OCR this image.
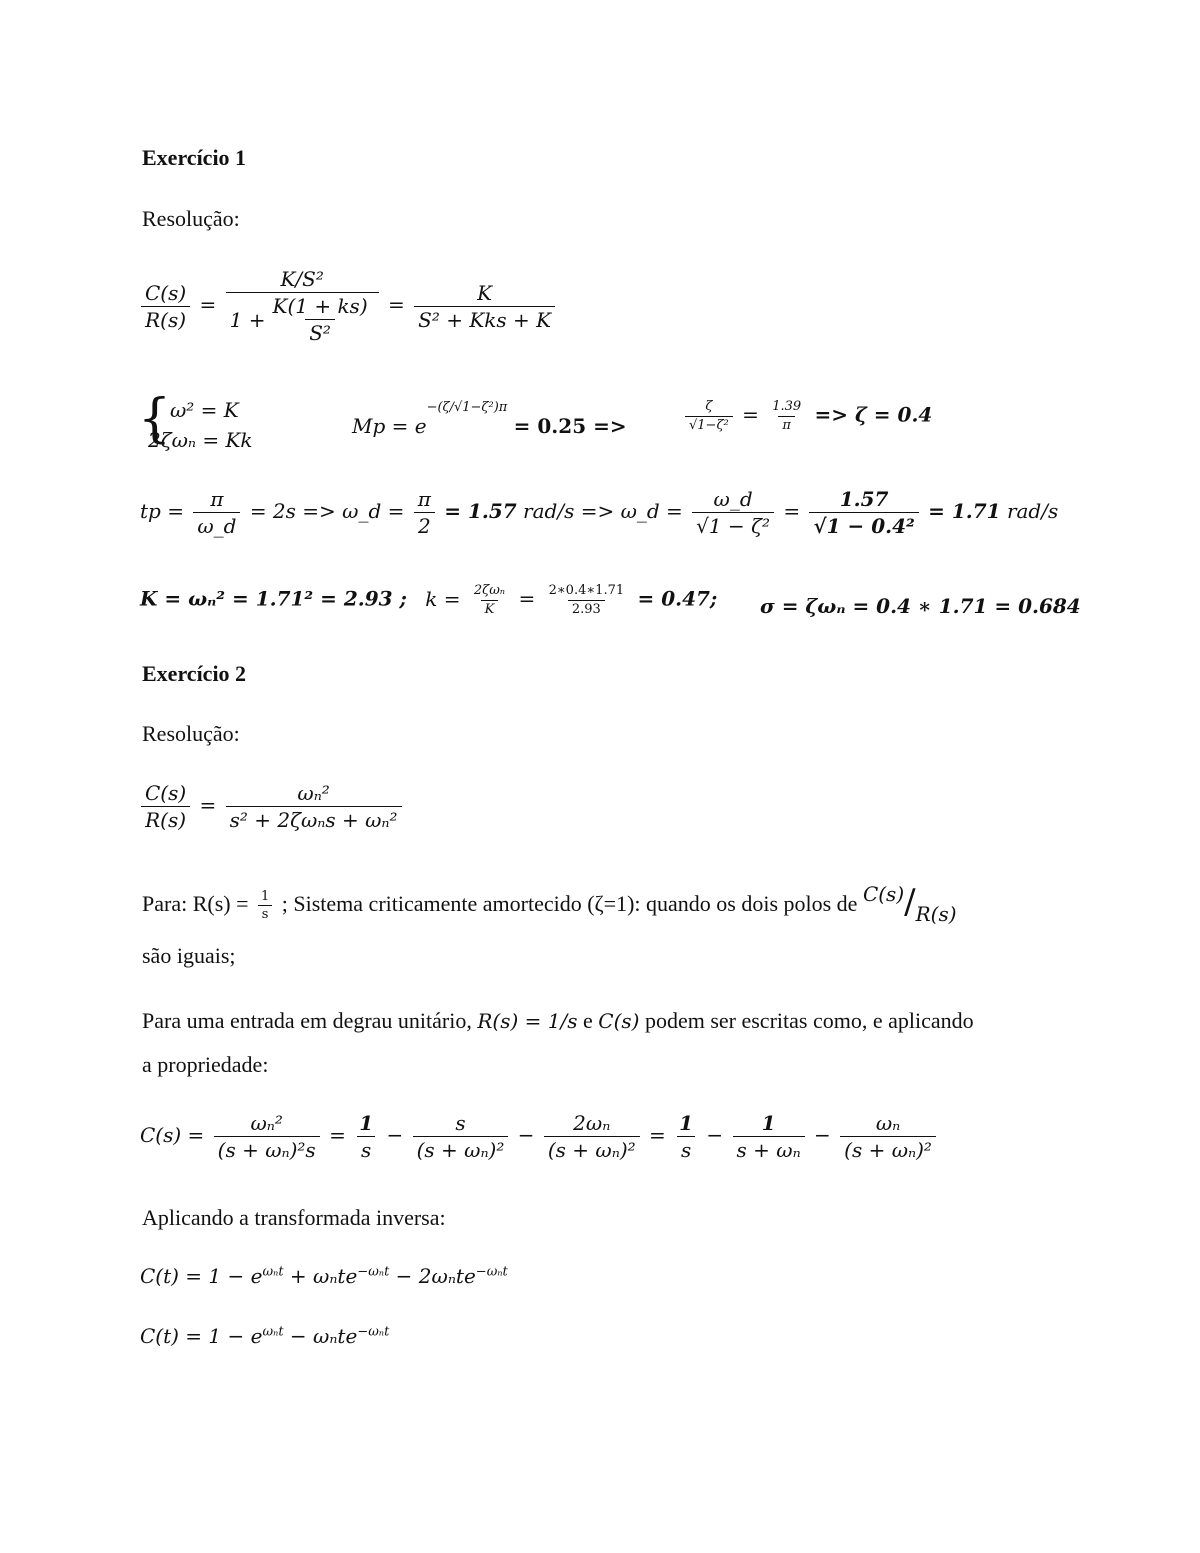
Exercício 1
Resolução:
$\frac{C(s)}{R(s)} = \frac{\text{K/S²}}{1 + \frac{K(1 + ks)}{\text{S²}}} = \frac{K}{\text{S² + Kks + K}}$
{
ω² = K
2ζωₙ = Kk
$Mp = e^{-(\zeta/√1-\zeta^2)\pi} = 0.25$ =>	$\frac{\zeta}{\text{√1−ζ²}} = \frac{1.39}{\pi} => \zeta = 0.4$
tp = $\frac{\pi}{\omega\_d} = 2s$ => ω_d = $\frac{\pi}{2} = 1.57$ rad/s => ω_d = $\frac{\omega\_d}{\text{√1 − ζ²}} = \frac{1.57}{\text{√1 − 0.4²}} = 1.71$ rad/s
K = ωₙ² = 1.71² = 2.93 ; $k = \frac{\text{2ζωₙ}}{K} = \frac{2∗0.4∗1.71}{2.93} = 0.47$; σ = ζωₙ = 0.4 ∗ 1.71 = 0.684
Exercício 2
Resolução:
$\frac{C(s)}{R(s)} = \frac{\text{ωₙ²}}{\text{s² + 2ζωₙs + ωₙ²}}$
Para: $R(s) = \frac{1}{s}$ ; Sistema criticamente amortecido (ζ=1): quando os dois polos de C(s)/R(s)
são iguais;
Para uma entrada em degrau unitário, R(s) = 1/s e C(s) podem ser escritas como, e aplicando
a propriedade:
$C(s) = \frac{\text{ωₙ²}}{\text{(s + ωₙ)²s}} = \frac{1}{s} - \frac{s}{\text{(s + ωₙ)²}} - \frac{\text{2ωₙ}}{\text{(s + ωₙ)²}} = \frac{1}{s} - \frac{1}{\text{s + ωₙ}} - \frac{\text{ωₙ}}{\text{(s + ωₙ)²}}$
Aplicando a transformada inversa:
$C(t) = 1 - e^{\omega_nt} + \omega_nte^{-\omega_nt} - 2\omega_nte^{-\omega_nt}$
$C(t) = 1 - e^{\omega_nt} - \omega_nte^{-\omega_nt}$
